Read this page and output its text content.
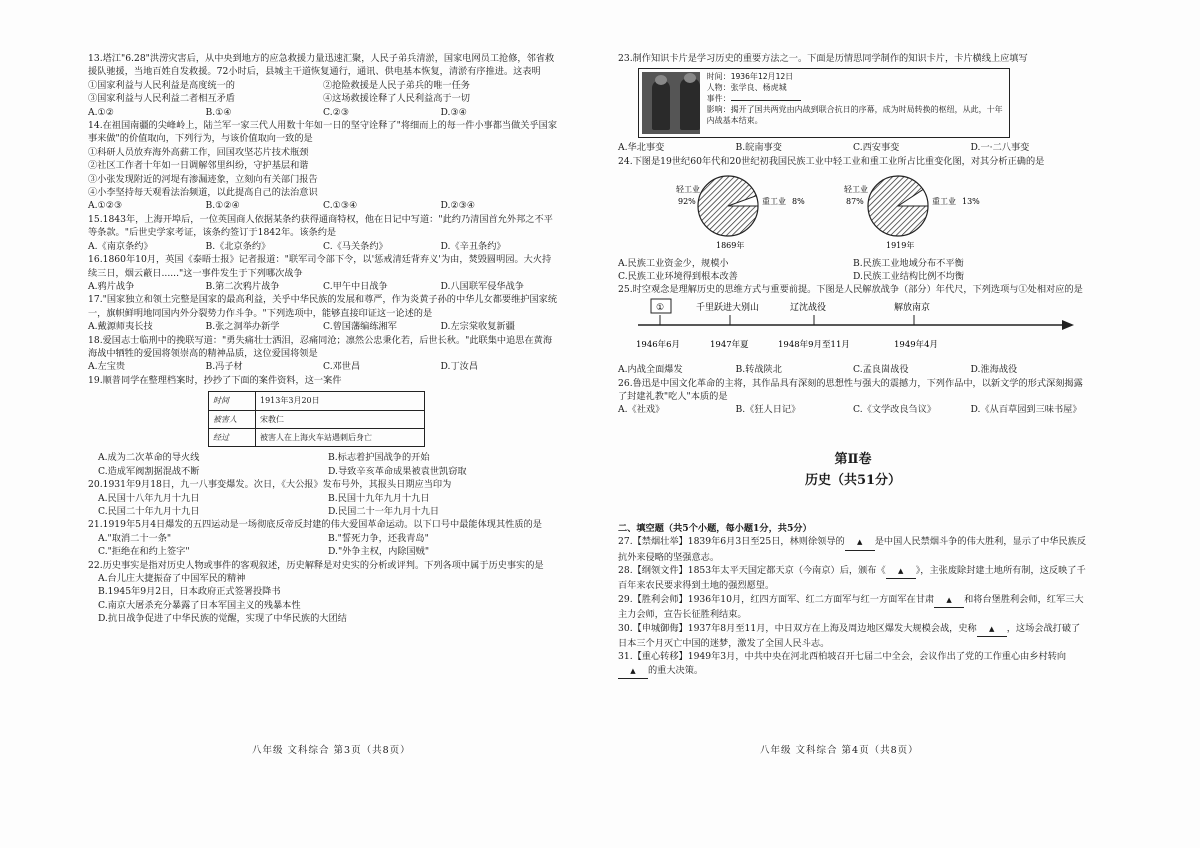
13.塔江"6.28"洪涝灾害后，从中央到地方的应急救援力量迅速汇聚，人民子弟兵清淤，国家电网员工抢修，邻省救援队驰援，当地百姓自发救援。72小时后，县城主干道恢复通行，通讯、供电基本恢复，清淤有序推进。这表明

①国家利益与人民利益是高度统一的	②抢险救援是人民子弟兵的唯一任务
③国家利益与人民利益二者相互矛盾	④这场救援诠释了人民利益高于一切
A.①②	B.①④	C.②③	D.③④

14.在祖国南疆的尖峰岭上，陆兰军一家三代人用数十年如一日的坚守诠释了"将细而上的每一件小事都当做关乎国家事来做"的价值取向，下列行为，与该价值取向一致的是

①科研人员放弃海外高薪工作，回国攻坚芯片技术瓶颈

②社区工作者十年如一日调解邻里纠纷，守护基层和谐

③小张发现附近的河堤有渗漏迹象，立刻向有关部门报告

④小李坚持每天观看法治频道，以此提高自己的法治意识

A.①②③	B.①②④	C.①③④	D.②③④

15.1843年，上海开埠后，一位英国商人依据某条约获得通商特权，他在日记中写道："此约乃清国首允外邦之不平等条款。"后世史学家考证，该条约签订于1842年。该条约是

A.《南京条约》	B.《北京条约》	C.《马关条约》	D.《辛丑条约》

16.1860年10月，英国《泰晤士报》记者报道："联军司令部下令，以'惩戒清廷背弃义'为由，焚毁圆明园。大火持续三日，烟云蔽日......"这一事件发生于下列哪次战争

A.鸦片战争	B.第二次鸦片战争	C.甲午中日战争	D.八国联军侵华战争

17."国家独立和领土完整是国家的最高利益，关乎中华民族的发展和尊严，作为炎黄子孙的中华儿女都要维护国家统一，旗帜鲜明地同国内外分裂势力作斗争。"下列选项中，能够直接印证这一论述的是

A.戴源师夷长技	B.张之洞举办新学	C.曾国藩编练湘军	D.左宗棠收复新疆

18.爱国志士临刑中的挽联写道："勇失痛壮士洒泪，忍痛同沧；凛然公忠秉化若，后世长秋。"此联集中追思在黄海海战中牺牲的爱国将领崇高的精神品质，这位爱国将领是

A.左宝贵	B.冯子材	C.邓世昌	D.丁汝昌

19.顺普同学在整理档案时，抄抄了下面的案件资料，这一案件

时间	1913年3月20日
被害人	宋教仁
经过	被害人在上海火车站遇刺后身亡
A.成为二次革命的导火线	B.标志着护国战争的开始
C.造成军阀割据混战不断	D.导致辛亥革命成果被袁世凯窃取

20.1931年9月18日，九一八事变爆发。次日，《大公报》发布号外，其报头日期应当印为

A.民国十八年九月十九日	B.民国十九年九月十九日
C.民国二十年九月十九日	D.民国二十一年九月十九日

21.1919年5月4日爆发的五四运动是一场彻底反帝反封建的伟大爱国革命运动。以下口号中最能体现其性质的是

A."取消二十一条"	B."誓死力争，还我青岛"
C."拒绝在和约上签字"	D."外争主权，内除国贼"

22.历史事实是指对历史人物或事件的客观叙述，历史解释是对史实的分析或评判。下列各项中属于历史事实的是

A.台儿庄大捷振奋了中国军民的精神

B.1945年9月2日，日本政府正式签署投降书

C.南京大屠杀充分暴露了日本军国主义的残暴本性

D.抗日战争促进了中华民族的觉醒，实现了中华民族的大团结

八年级 文科综合 第3页（共8页）

23.制作知识卡片是学习历史的重要方法之一。下面是历情思同学制作的知识卡片，卡片横线上应填写

时间：1936年12月12日
人物：张学良、杨虎城
事件：
影响：揭开了国共两党由内战到联合抗日的序幕，成为时局转换的枢纽，从此，十年内战基本结束。
A.华北事变	B.皖南事变	C.西安事变	D.一·二八事变

24.下图是19世纪60年代和20世纪初我国民族工业中轻工业和重工业所占比重变化图，对其分析正确的是

轻工业
92%	重工业 8%
1869年
轻工业
87%	重工业 13%
1919年
A.民族工业资金少，规模小	B.民族工业地域分布不平衡
C.民族工业环境得到根本改善	D.民族工业结构比例不均衡

25.时空观念是理解历史的思维方式与重要前提。下图是人民解放战争（部分）年代尺，下列选项与①处相对应的是

①	千里跃进大别山	辽沈战役	解放南京
1946年6月	1947年夏	1948年9月至11月	1949年4月
A.内战全面爆发	B.转战陕北	C.孟良崮战役	D.淮海战役

26.鲁迅是中国文化革命的主将，其作品具有深刻的思想性与强大的震撼力，下列作品中，以新文学的形式深刻揭露了封建礼教"吃人"本质的是

A.《社戏》	B.《狂人日记》	C.《文学改良刍议》	D.《从百草园到三味书屋》
第Ⅱ卷
历史（共51分）

二、填空题（共5个小题，每小题1分，共5分）

27.【禁烟壮举】1839年6月3日至25日，林则徐领导的 ▲ 是中国人民禁烟斗争的伟大胜利，显示了中华民族反抗外来侵略的坚强意志。

28.【纲领文件】1853年太平天国定都天京（今南京）后，颁布《 ▲ 》，主张废除封建土地所有制，这反映了千百年来农民要求得到土地的强烈愿望。

29.【胜利会师】1936年10月，红四方面军、红二方面军与红一方面军在甘肃 ▲ 和将台堡胜利会师，红军三大主力会师，宣告长征胜利结束。

30.【申城御侮】1937年8月至11月，中日双方在上海及周边地区爆发大规模会战，史称 ▲ ，这场会战打破了日本三个月灭亡中国的迷梦，激发了全国人民斗志。

31.【重心转移】1949年3月，中共中央在河北西柏坡召开七届二中全会，会议作出了党的工作重心由乡村转向▲ 的重大决策。

八年级 文科综合 第4页（共8页）
